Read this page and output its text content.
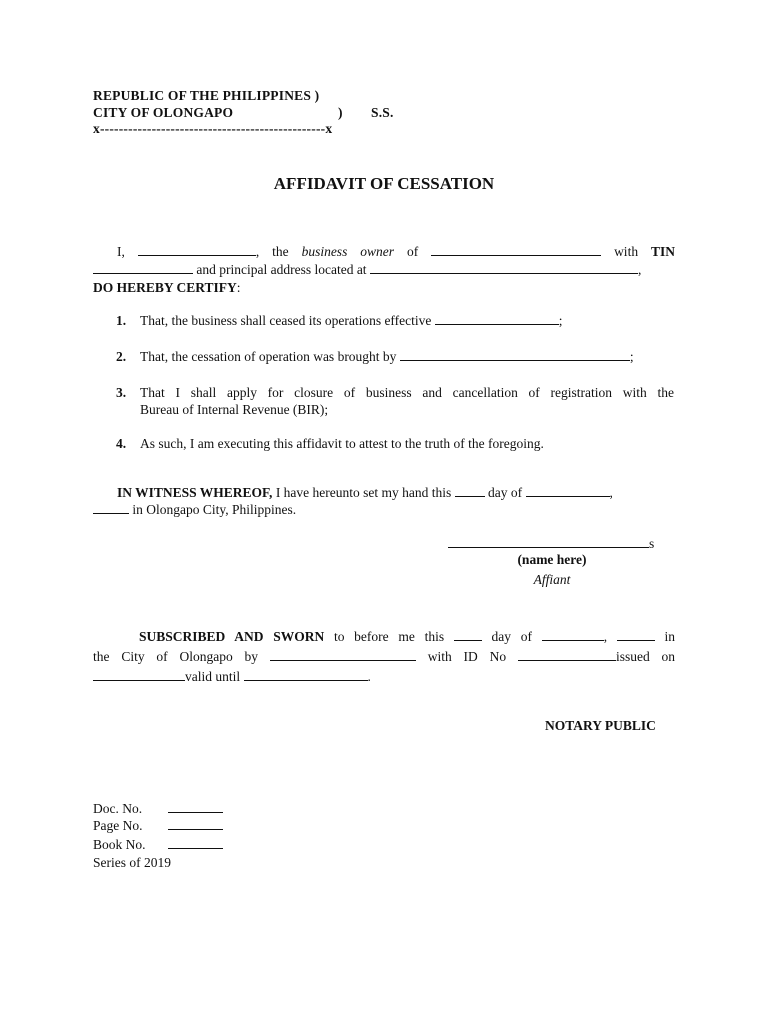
REPUBLIC OF THE PHILIPPINES )
CITY OF OLONGAPO	) S.S.
x------------------------------------------------x
AFFIDAVIT OF CESSATION
I,	, the business owner of	with TIN
and principal address located at	,
DO HEREBY CERTIFY:
1. That, the business shall ceased its operations effective	;
2. That, the cessation of operation was brought by	;
3. That I shall apply for closure of business and cancellation of registration with the
Bureau of Internal Revenue (BIR);
4. As such, I am executing this affidavit to attest to the truth of the foregoing.
IN WITNESS WHEREOF, I have hereunto set my hand this	day of	,
in Olongapo City, Philippines.
s
(name here)
Affiant
SUBSCRIBED AND SWORN to before me this	day of	,	in
the City of Olongapo by	with ID No	issued on
valid until	.
NOTARY PUBLIC
Doc. No.
Page No.
Book No.
Series of 2019
